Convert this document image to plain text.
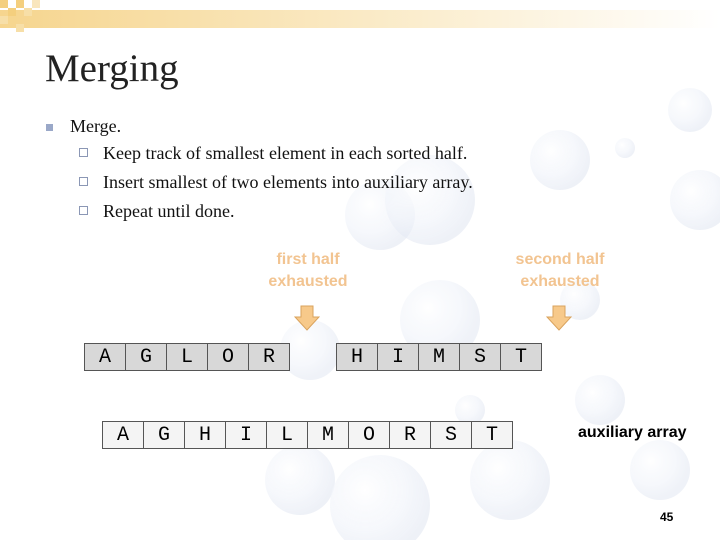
Merging
Merge.
Keep track of smallest element in each sorted half.
Insert smallest of two elements into auxiliary array.
Repeat until done.
first half
exhausted
second half
exhausted
A	G	L	O	R	H	I	M	S	T
A	G	H	I	L	M	O	R	S	T	auxiliary array
45
